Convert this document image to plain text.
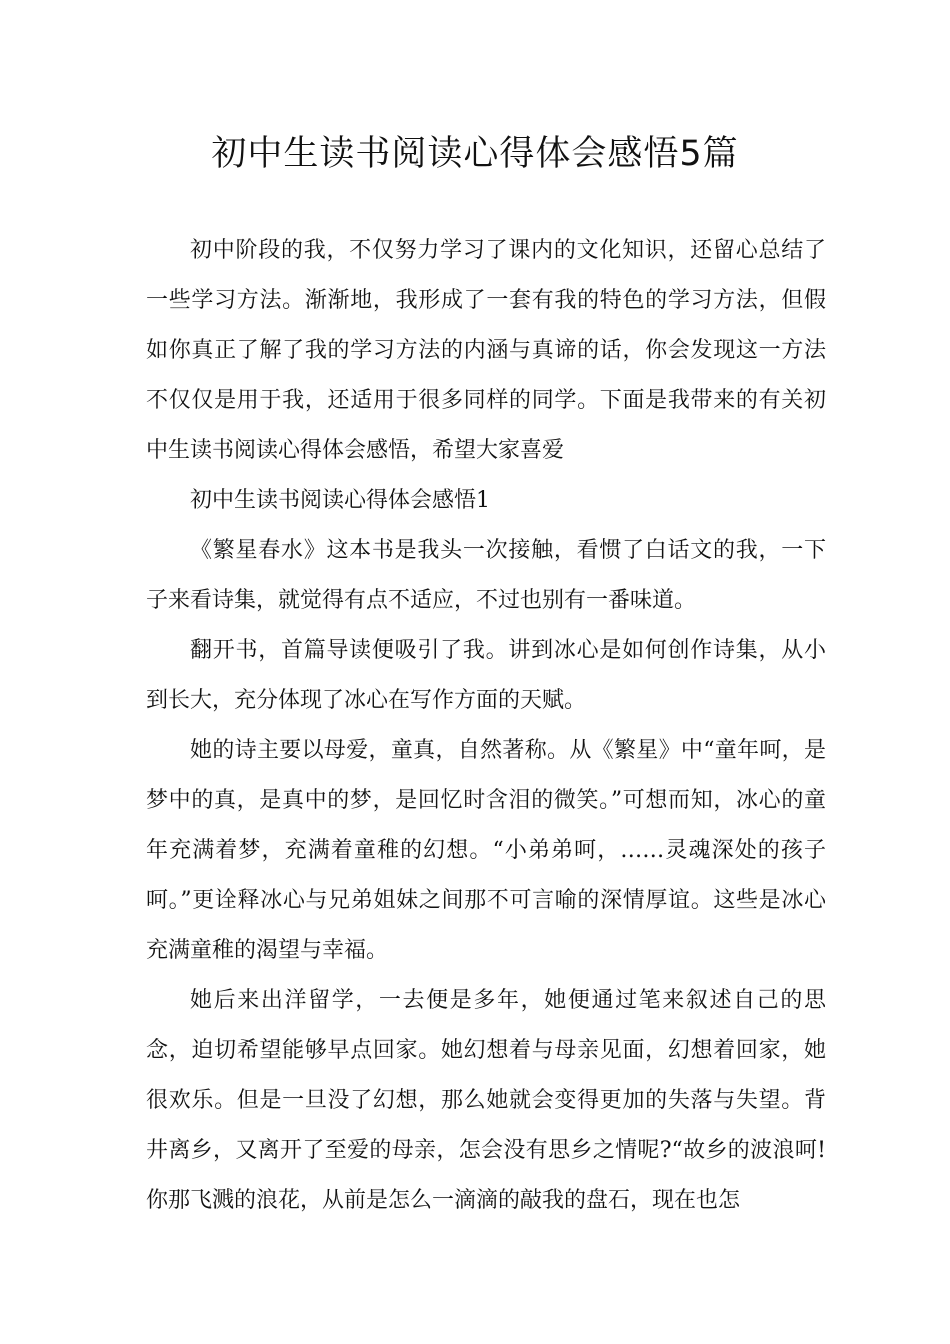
初中生读书阅读心得体会感悟5篇

初中阶段的我，不仅努力学习了课内的文化知识，还留心总结了一些学习方法。渐渐地，我形成了一套有我的特色的学习方法，但假如你真正了解了我的学习方法的内涵与真谛的话，你会发现这一方法不仅仅是用于我，还适用于很多同样的同学。下面是我带来的有关初中生读书阅读心得体会感悟，希望大家喜爱

初中生读书阅读心得体会感悟1

《繁星春水》这本书是我头一次接触，看惯了白话文的我，一下子来看诗集，就觉得有点不适应，不过也别有一番味道。

翻开书，首篇导读便吸引了我。讲到冰心是如何创作诗集，从小到长大，充分体现了冰心在写作方面的天赋。

她的诗主要以母爱，童真，自然著称。从《繁星》中“童年呵，是梦中的真，是真中的梦，是回忆时含泪的微笑。”可想而知，冰心的童年充满着梦，充满着童稚的幻想。“小弟弟呵，……灵魂深处的孩子呵。”更诠释冰心与兄弟姐妹之间那不可言喻的深情厚谊。这些是冰心充满童稚的渴望与幸福。

她后来出洋留学，一去便是多年，她便通过笔来叙述自己的思念，迫切希望能够早点回家。她幻想着与母亲见面，幻想着回家，她很欢乐。但是一旦没了幻想，那么她就会变得更加的失落与失望。背井离乡，又离开了至爱的母亲，怎会没有思乡之情呢?“故乡的波浪呵!你那飞溅的浪花，从前是怎么一滴滴的敲我的盘石，现在也怎
